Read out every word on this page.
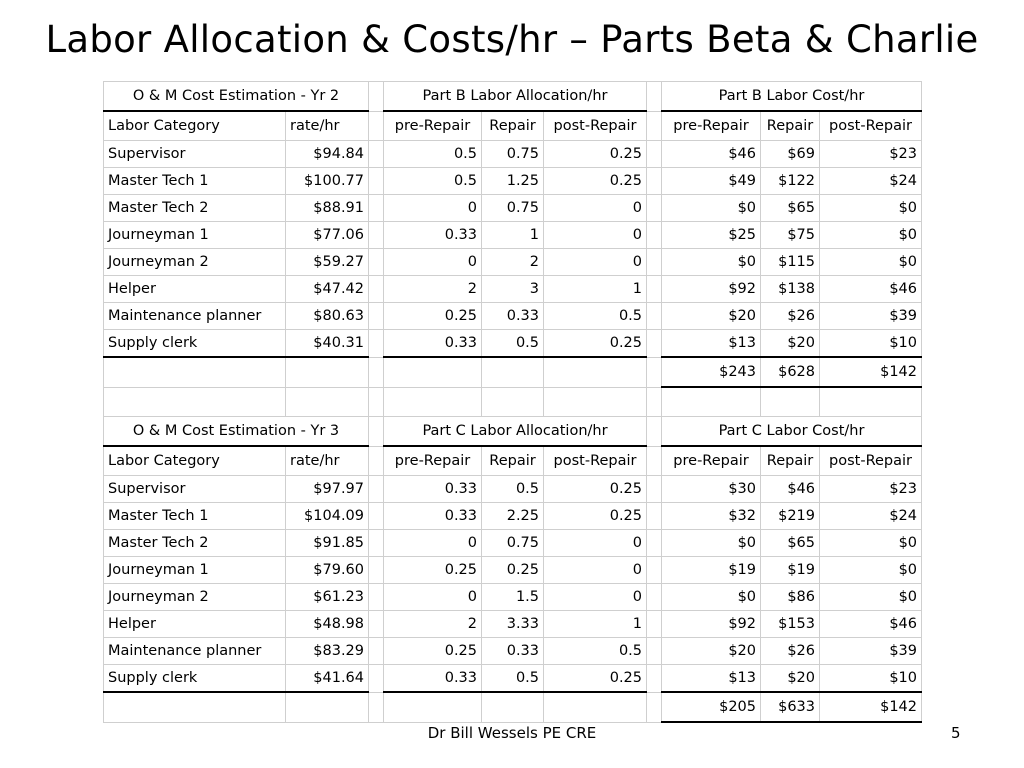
Labor Allocation & Costs/hr – Parts Beta & Charlie
O & M Cost Estimation - Yr 2			Part B Labor Allocation/hr				Part B Labor Cost/hr		
Labor Category	rate/hr		pre-Repair	Repair	post-Repair		pre-Repair	Repair	post-Repair
Supervisor	$94.84		0.5	0.75	0.25		$46	$69	$23
Master Tech 1	$100.77		0.5	1.25	0.25		$49	$122	$24
Master Tech 2	$88.91		0	0.75	0		$0	$65	$0
Journeyman 1	$77.06		0.33	1	0		$25	$75	$0
Journeyman 2	$59.27		0	2	0		$0	$115	$0
Helper	$47.42		2	3	1		$92	$138	$46
Maintenance planner	$80.63		0.25	0.33	0.5		$20	$26	$39
Supply clerk	$40.31		0.33	0.5	0.25		$13	$20	$10
							$243	$628	$142

O & M Cost Estimation - Yr 3			Part C Labor Allocation/hr				Part C Labor Cost/hr		
Labor Category	rate/hr		pre-Repair	Repair	post-Repair		pre-Repair	Repair	post-Repair
Supervisor	$97.97		0.33	0.5	0.25		$30	$46	$23
Master Tech 1	$104.09		0.33	2.25	0.25		$32	$219	$24
Master Tech 2	$91.85		0	0.75	0		$0	$65	$0
Journeyman 1	$79.60		0.25	0.25	0		$19	$19	$0
Journeyman 2	$61.23		0	1.5	0		$0	$86	$0
Helper	$48.98		2	3.33	1		$92	$153	$46
Maintenance planner	$83.29		0.25	0.33	0.5		$20	$26	$39
Supply clerk	$41.64		0.33	0.5	0.25		$13	$20	$10
							$205	$633	$142
Dr Bill Wessels PE CRE	5
